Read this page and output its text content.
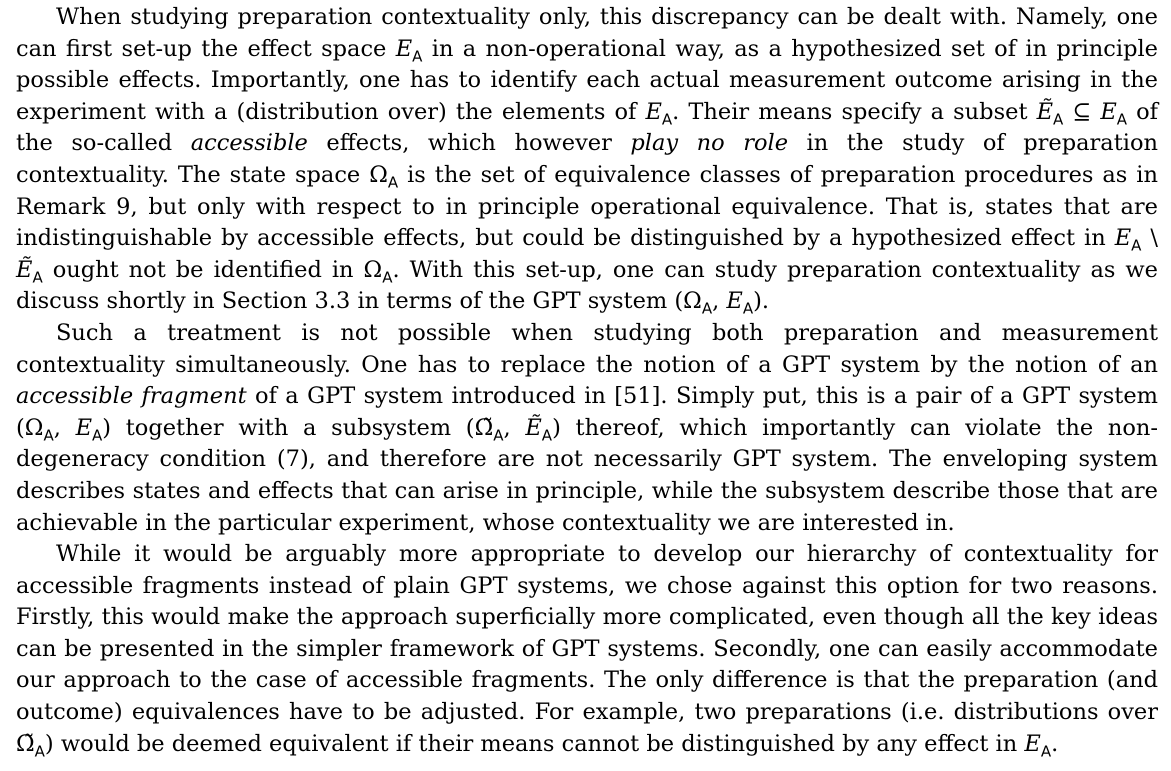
When studying preparation contextuality only, this discrepancy can be dealt with. Namely, one can first set-up the effect space $E_A$ in a non-operational way, as a hypothesized set of in principle possible effects. Importantly, one has to identify each actual measurement outcome arising in the experiment with a (distribution over) the elements of $E_A$. Their means specify a subset Ẽ$_A$ ⊆ $E_A$ of the so-called accessible effects, which however play no role in the study of preparation contextuality. The state space $\Omega_A$ is the set of equivalence classes of preparation procedures as in Remark 9, but only with respect to in principle operational equivalence. That is, states that are indistinguishable by accessible effects, but could be distinguished by a hypothesized effect in $E_A$ \ Ẽ$_A$ ought not be identified in $\Omega_A$. With this set-up, one can study preparation contextuality as we discuss shortly in Section 3.3 in terms of the GPT system ($\Omega_A$, $E_A$).

Such a treatment is not possible when studying both preparation and measurement contextuality simultaneously. One has to replace the notion of a GPT system by the notion of an accessible fragment of a GPT system introduced in [51]. Simply put, this is a pair of a GPT system ($\Omega_A$, $E_A$) together with a subsystem ($\Omegã_A$, Ẽ$_A$) thereof, which importantly can violate the non-degeneracy condition (7), and therefore are not necessarily GPT system. The enveloping system describes states and effects that can arise in principle, while the subsystem describe those that are achievable in the particular experiment, whose contextuality we are interested in.

While it would be arguably more appropriate to develop our hierarchy of contextuality for accessible fragments instead of plain GPT systems, we chose against this option for two reasons. Firstly, this would make the approach superficially more complicated, even though all the key ideas can be presented in the simpler framework of GPT systems. Secondly, one can easily accommodate our approach to the case of accessible fragments. The only difference is that the preparation (and outcome) equivalences have to be adjusted. For example, two preparations (i.e. distributions over $\Omegã_A$) would be deemed equivalent if their means cannot be distinguished by any effect in $E_A$.
